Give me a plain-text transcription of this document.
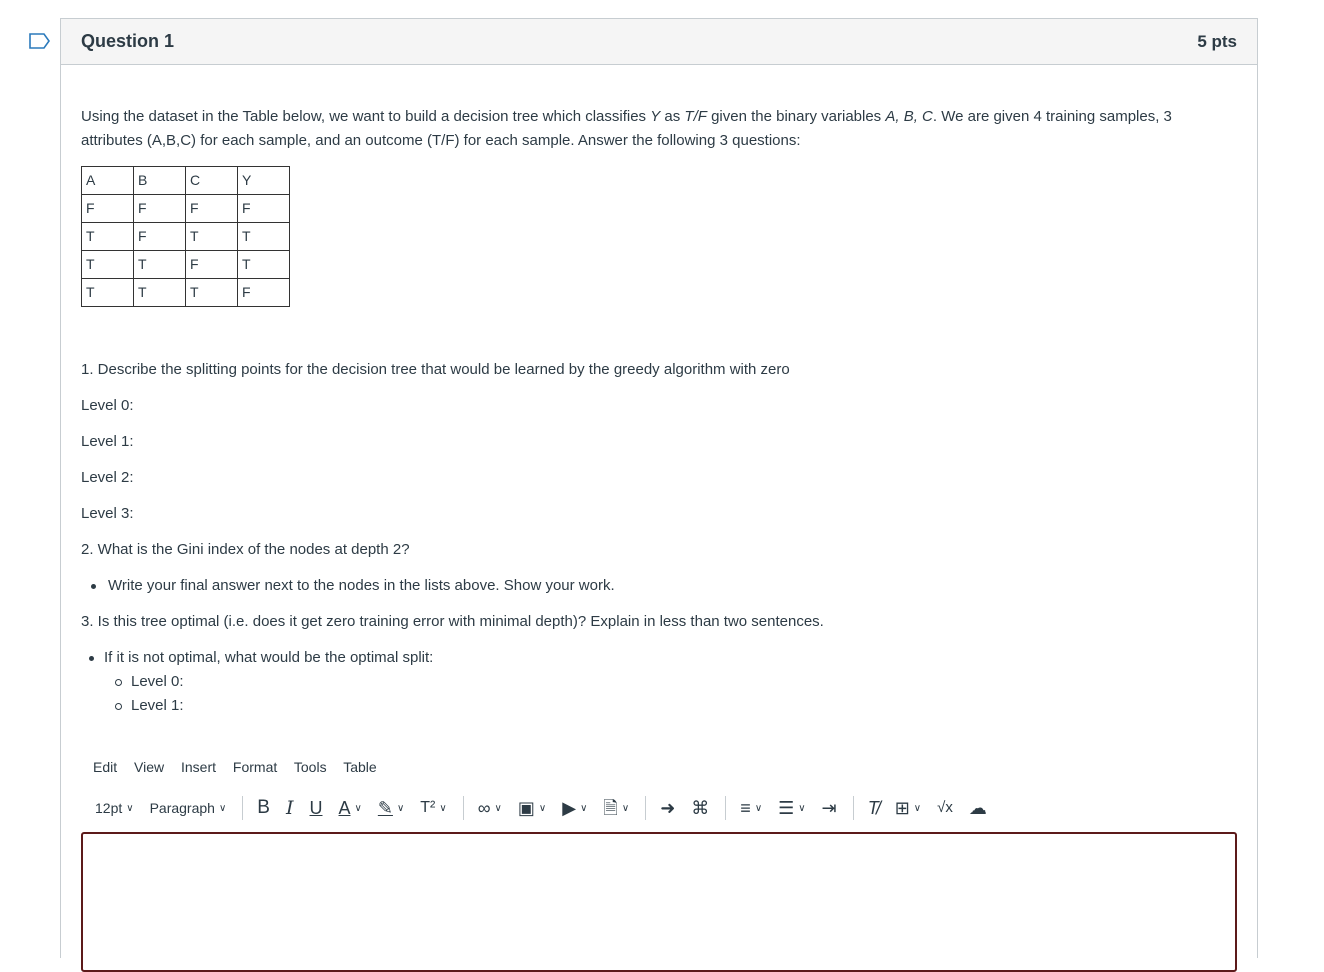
Question 1	5 pts

Using the dataset in the Table below, we want to build a decision tree which classifies Y as T/F given the binary variables A, B, C. We are given 4 training samples, 3 attributes (A,B,C) for each sample, and an outcome (T/F) for each sample. Answer the following 3 questions:

A	B	C	Y
F	F	F	F
T	F	T	T
T	T	F	T
T	T	T	F
1. Describe the splitting points for the decision tree that would be learned by the greedy algorithm with zero
Level 0:
Level 1:
Level 2:
Level 3:
2. What is the Gini index of the nodes at depth 2?
Write your final answer next to the nodes in the lists above. Show your work.
3. Is this tree optimal (i.e. does it get zero training error with minimal depth)? Explain in less than two sentences.
If it is not optimal, what would be the optimal split:
Level 0:
Level 1:
Edit View Insert Format Tools Table
12pt ∨ Paragraph ∨ B I U A ∨ ✎ ∨ T² ∨ ∞ ∨ ▣ ∨ ▶ ∨ 🗎 ∨ ➜ ⌘ ≡ ∨ ☰ ∨ ⇥ T̸ ⊞ ∨ √x ☁
